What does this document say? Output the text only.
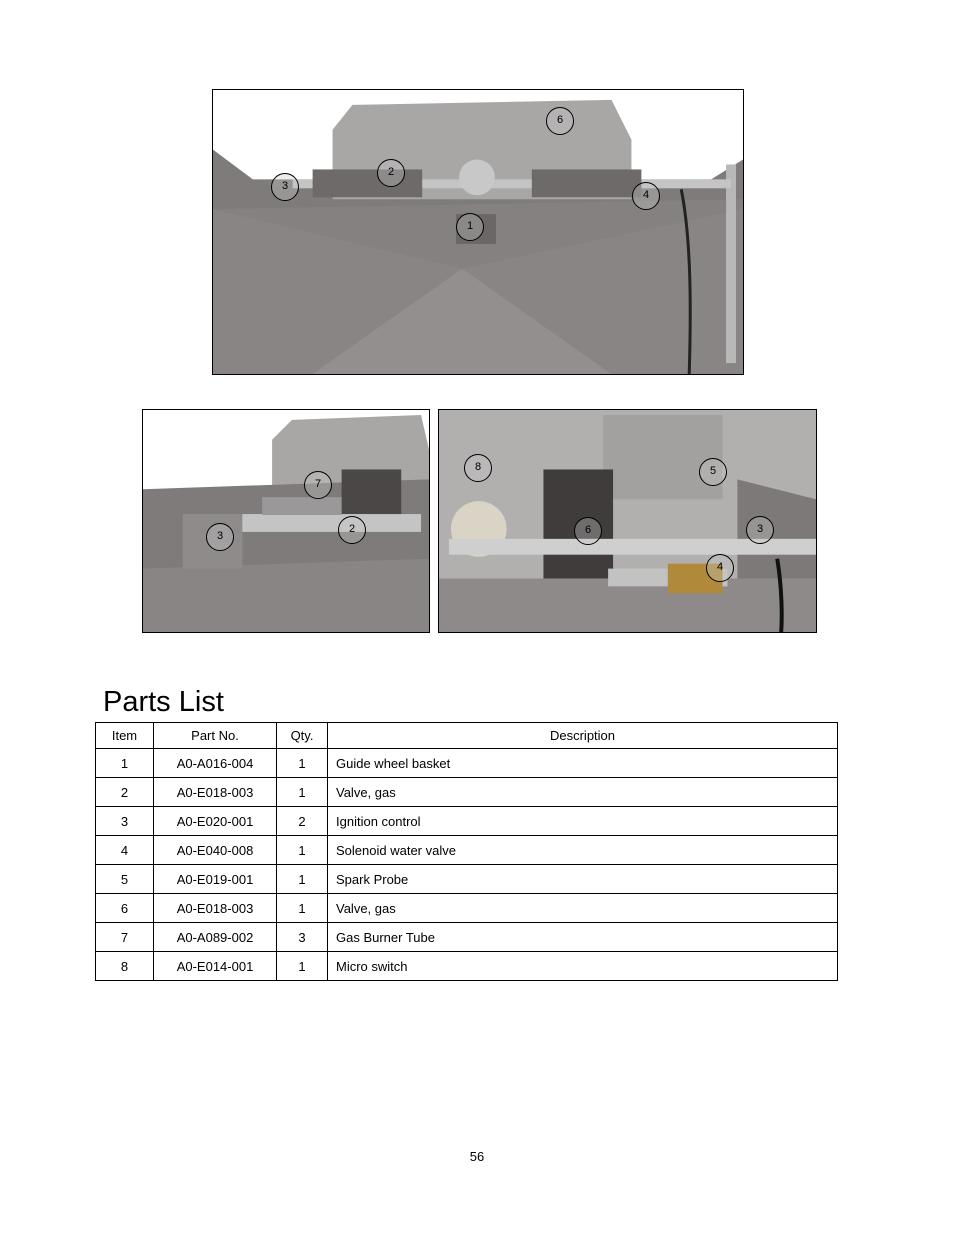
6
2
3
4
1
7
3
2
8	5
6	3
4
Parts List
Item	Part No.	Qty.	Description
1	A0-A016-004	1	Guide wheel basket
2	A0-E018-003	1	Valve, gas
3	A0-E020-001	2	Ignition control
4	A0-E040-008	1	Solenoid water valve
5	A0-E019-001	1	Spark Probe
6	A0-E018-003	1	Valve, gas
7	A0-A089-002	3	Gas Burner Tube
8	A0-E014-001	1	Micro switch
56
